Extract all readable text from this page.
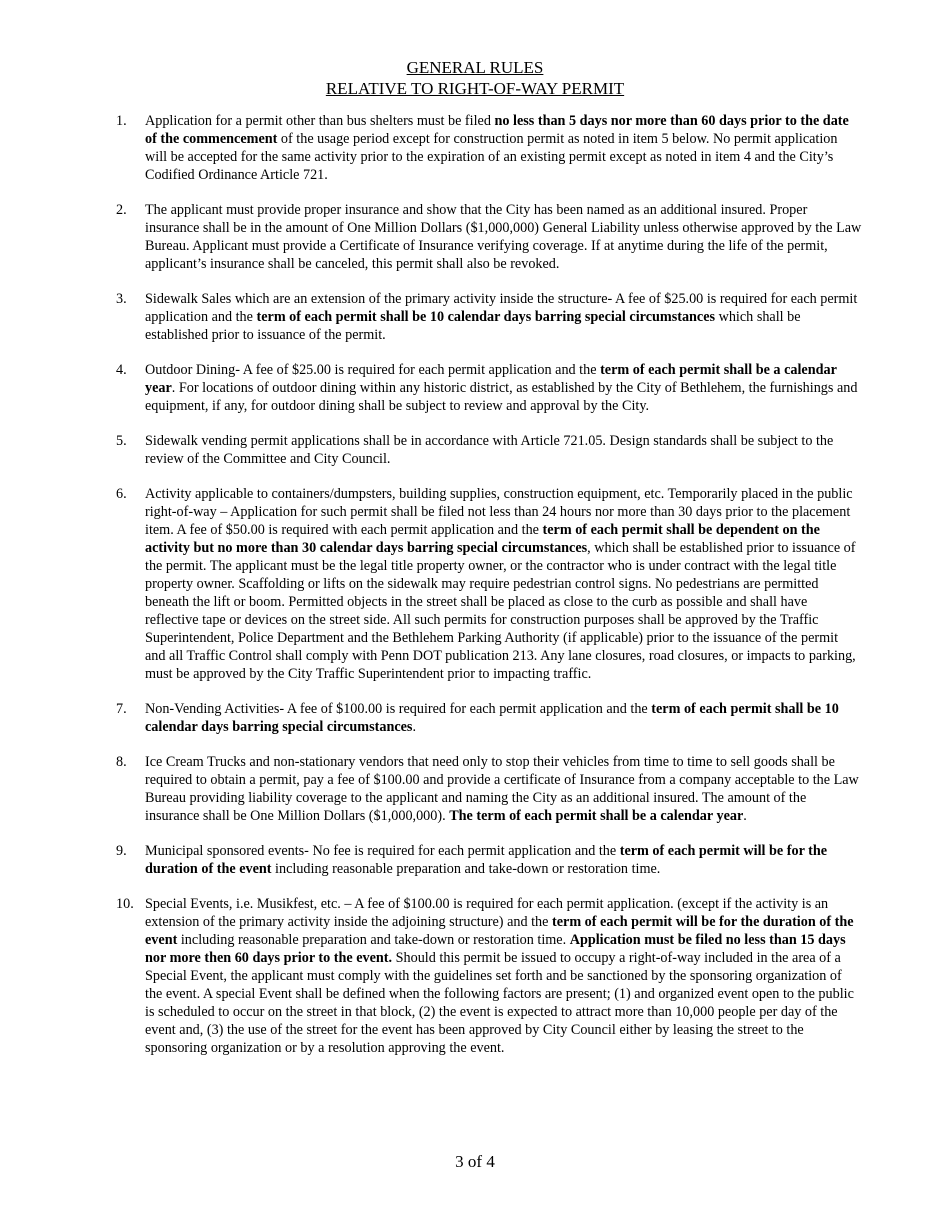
GENERAL RULES
RELATIVE TO RIGHT-OF-WAY PERMIT
1.	Application for a permit other than bus shelters must be filed no less than 5 days nor more than 60 days prior to the date of the commencement of the usage period except for construction permit as noted in item 5 below. No permit application will be accepted for the same activity prior to the expiration of an existing permit except as noted in item 4 and the City’s Codified Ordinance Article 721.
2.	The applicant must provide proper insurance and show that the City has been named as an additional insured. Proper insurance shall be in the amount of One Million Dollars ($1,000,000) General Liability unless otherwise approved by the Law Bureau. Applicant must provide a Certificate of Insurance verifying coverage. If at anytime during the life of the permit, applicant’s insurance shall be canceled, this permit shall also be revoked.
3.	Sidewalk Sales which are an extension of the primary activity inside the structure- A fee of $25.00 is required for each permit application and the term of each permit shall be 10 calendar days barring special circumstances which shall be established prior to issuance of the permit.
4.	Outdoor Dining- A fee of $25.00 is required for each permit application and the term of each permit shall be a calendar year. For locations of outdoor dining within any historic district, as established by the City of Bethlehem, the furnishings and equipment, if any, for outdoor dining shall be subject to review and approval by the City.
5.	Sidewalk vending permit applications shall be in accordance with Article 721.05. Design standards shall be subject to the review of the Committee and City Council.
6.	Activity applicable to containers/dumpsters, building supplies, construction equipment, etc. Temporarily placed in the public right-of-way – Application for such permit shall be filed not less than 24 hours nor more than 30 days prior to the placement item. A fee of $50.00 is required with each permit application and the term of each permit shall be dependent on the activity but no more than 30 calendar days barring special circumstances, which shall be established prior to issuance of the permit. The applicant must be the legal title property owner, or the contractor who is under contract with the legal title property owner. Scaffolding or lifts on the sidewalk may require pedestrian control signs. No pedestrians are permitted beneath the lift or boom. Permitted objects in the street shall be placed as close to the curb as possible and shall have reflective tape or devices on the street side. All such permits for construction purposes shall be approved by the Traffic Superintendent, Police Department and the Bethlehem Parking Authority (if applicable) prior to the issuance of the permit and all Traffic Control shall comply with Penn DOT publication 213. Any lane closures, road closures, or impacts to parking, must be approved by the City Traffic Superintendent prior to impacting traffic.
7.	Non-Vending Activities- A fee of $100.00 is required for each permit application and the term of each permit shall be 10 calendar days barring special circumstances.
8.	Ice Cream Trucks and non-stationary vendors that need only to stop their vehicles from time to time to sell goods shall be required to obtain a permit, pay a fee of $100.00 and provide a certificate of Insurance from a company acceptable to the Law Bureau providing liability coverage to the applicant and naming the City as an additional insured. The amount of the insurance shall be One Million Dollars ($1,000,000). The term of each permit shall be a calendar year.
9.	Municipal sponsored events- No fee is required for each permit application and the term of each permit will be for the duration of the event including reasonable preparation and take-down or restoration time.
10. Special Events, i.e. Musikfest, etc. – A fee of $100.00 is required for each permit application. (except if the activity is an extension of the primary activity inside the adjoining structure) and the term of each permit will be for the duration of the event including reasonable preparation and take-down or restoration time. Application must be filed no less than 15 days nor more then 60 days prior to the event. Should this permit be issued to occupy a right-of-way included in the area of a Special Event, the applicant must comply with the guidelines set forth and be sanctioned by the sponsoring organization of the event. A special Event shall be defined when the following factors are present; (1) and organized event open to the public is scheduled to occur on the street in that block, (2) the event is expected to attract more than 10,000 people per day of the event and, (3) the use of the street for the event has been approved by City Council either by leasing the street to the sponsoring organization or by a resolution approving the event.
3 of 4
